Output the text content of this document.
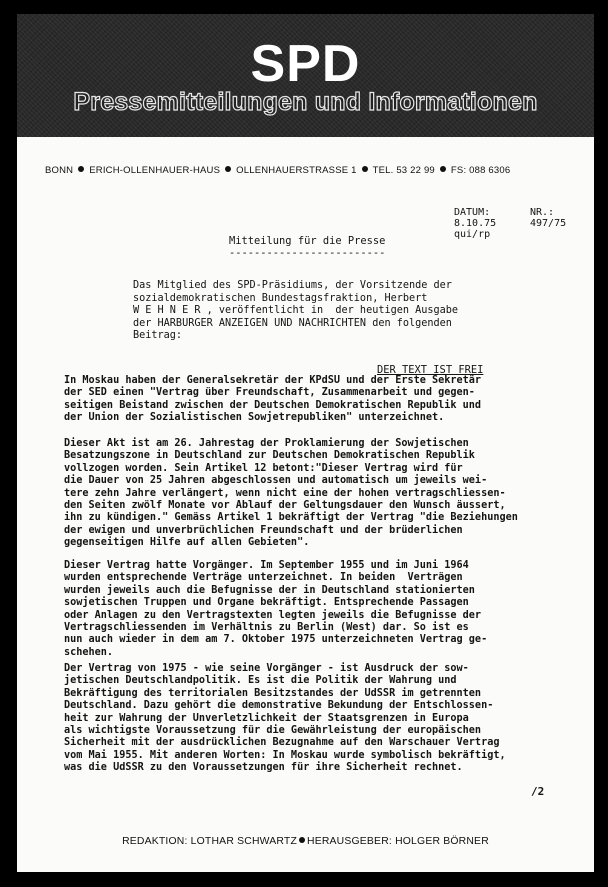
SPD
Pressemitteilungen und Informationen
BONN ERICH-OLLENHAUER-HAUS OLLENHAUERSTRASSE 1 TEL. 53 22 99 FS: 088 6306
DATUM:
8.10.75
qui/rp
NR.:
497/75
Mitteilung für die Presse
-------------------------
Das Mitglied des SPD-Präsidiums, der Vorsitzende der
sozialdemokratischen Bundestagsfraktion, Herbert
W E H N E R , veröffentlicht in  der heutigen Ausgabe
der HARBURGER ANZEIGEN UND NACHRICHTEN den folgenden
Beitrag:
DER TEXT IST FREI
In Moskau haben der Generalsekretär der KPdSU und der Erste Sekretär
der SED einen "Vertrag über Freundschaft, Zusammenarbeit und gegen-
seitigen Beistand zwischen der Deutschen Demokratischen Republik und
der Union der Sozialistischen Sowjetrepubliken" unterzeichnet.
Dieser Akt ist am 26. Jahrestag der Proklamierung der Sowjetischen
Besatzungszone in Deutschland zur Deutschen Demokratischen Republik
vollzogen worden. Sein Artikel 12 betont:"Dieser Vertrag wird für
die Dauer von 25 Jahren abgeschlossen und automatisch um jeweils wei-
tere zehn Jahre verlängert, wenn nicht eine der hohen vertragschliessen-
den Seiten zwölf Monate vor Ablauf der Geltungsdauer den Wunsch äussert,
ihn zu kündigen." Gemäss Artikel 1 bekräftigt der Vertrag "die Beziehungen
der ewigen und unverbrüchlichen Freundschaft und der brüderlichen
gegenseitigen Hilfe auf allen Gebieten".
Dieser Vertrag hatte Vorgänger. Im September 1955 und im Juni 1964
wurden entsprechende Verträge unterzeichnet. In beiden  Verträgen
wurden jeweils auch die Befugnisse der in Deutschland stationierten
sowjetischen Truppen und Organe bekräftigt. Entsprechende Passagen
oder Anlagen zu den Vertragstexten legten jeweils die Befugnisse der
Vertragschliessenden im Verhältnis zu Berlin (West) dar. So ist es
nun auch wieder in dem am 7. Oktober 1975 unterzeichneten Vertrag ge-
schehen.
Der Vertrag von 1975 - wie seine Vorgänger - ist Ausdruck der sow-
jetischen Deutschlandpolitik. Es ist die Politik der Wahrung und
Bekräftigung des territorialen Besitzstandes der UdSSR im getrennten
Deutschland. Dazu gehört die demonstrative Bekundung der Entschlossen-
heit zur Wahrung der Unverletzlichkeit der Staatsgrenzen in Europa
als wichtigste Voraussetzung für die Gewährleistung der europäischen
Sicherheit mit der ausdrücklichen Bezugnahme auf den Warschauer Vertrag
vom Mai 1955. Mit anderen Worten: In Moskau wurde symbolisch bekräftigt,
was die UdSSR zu den Voraussetzungen für ihre Sicherheit rechnet.
/2
REDAKTION: LOTHAR SCHWARTZ HERAUSGEBER: HOLGER BÖRNER
